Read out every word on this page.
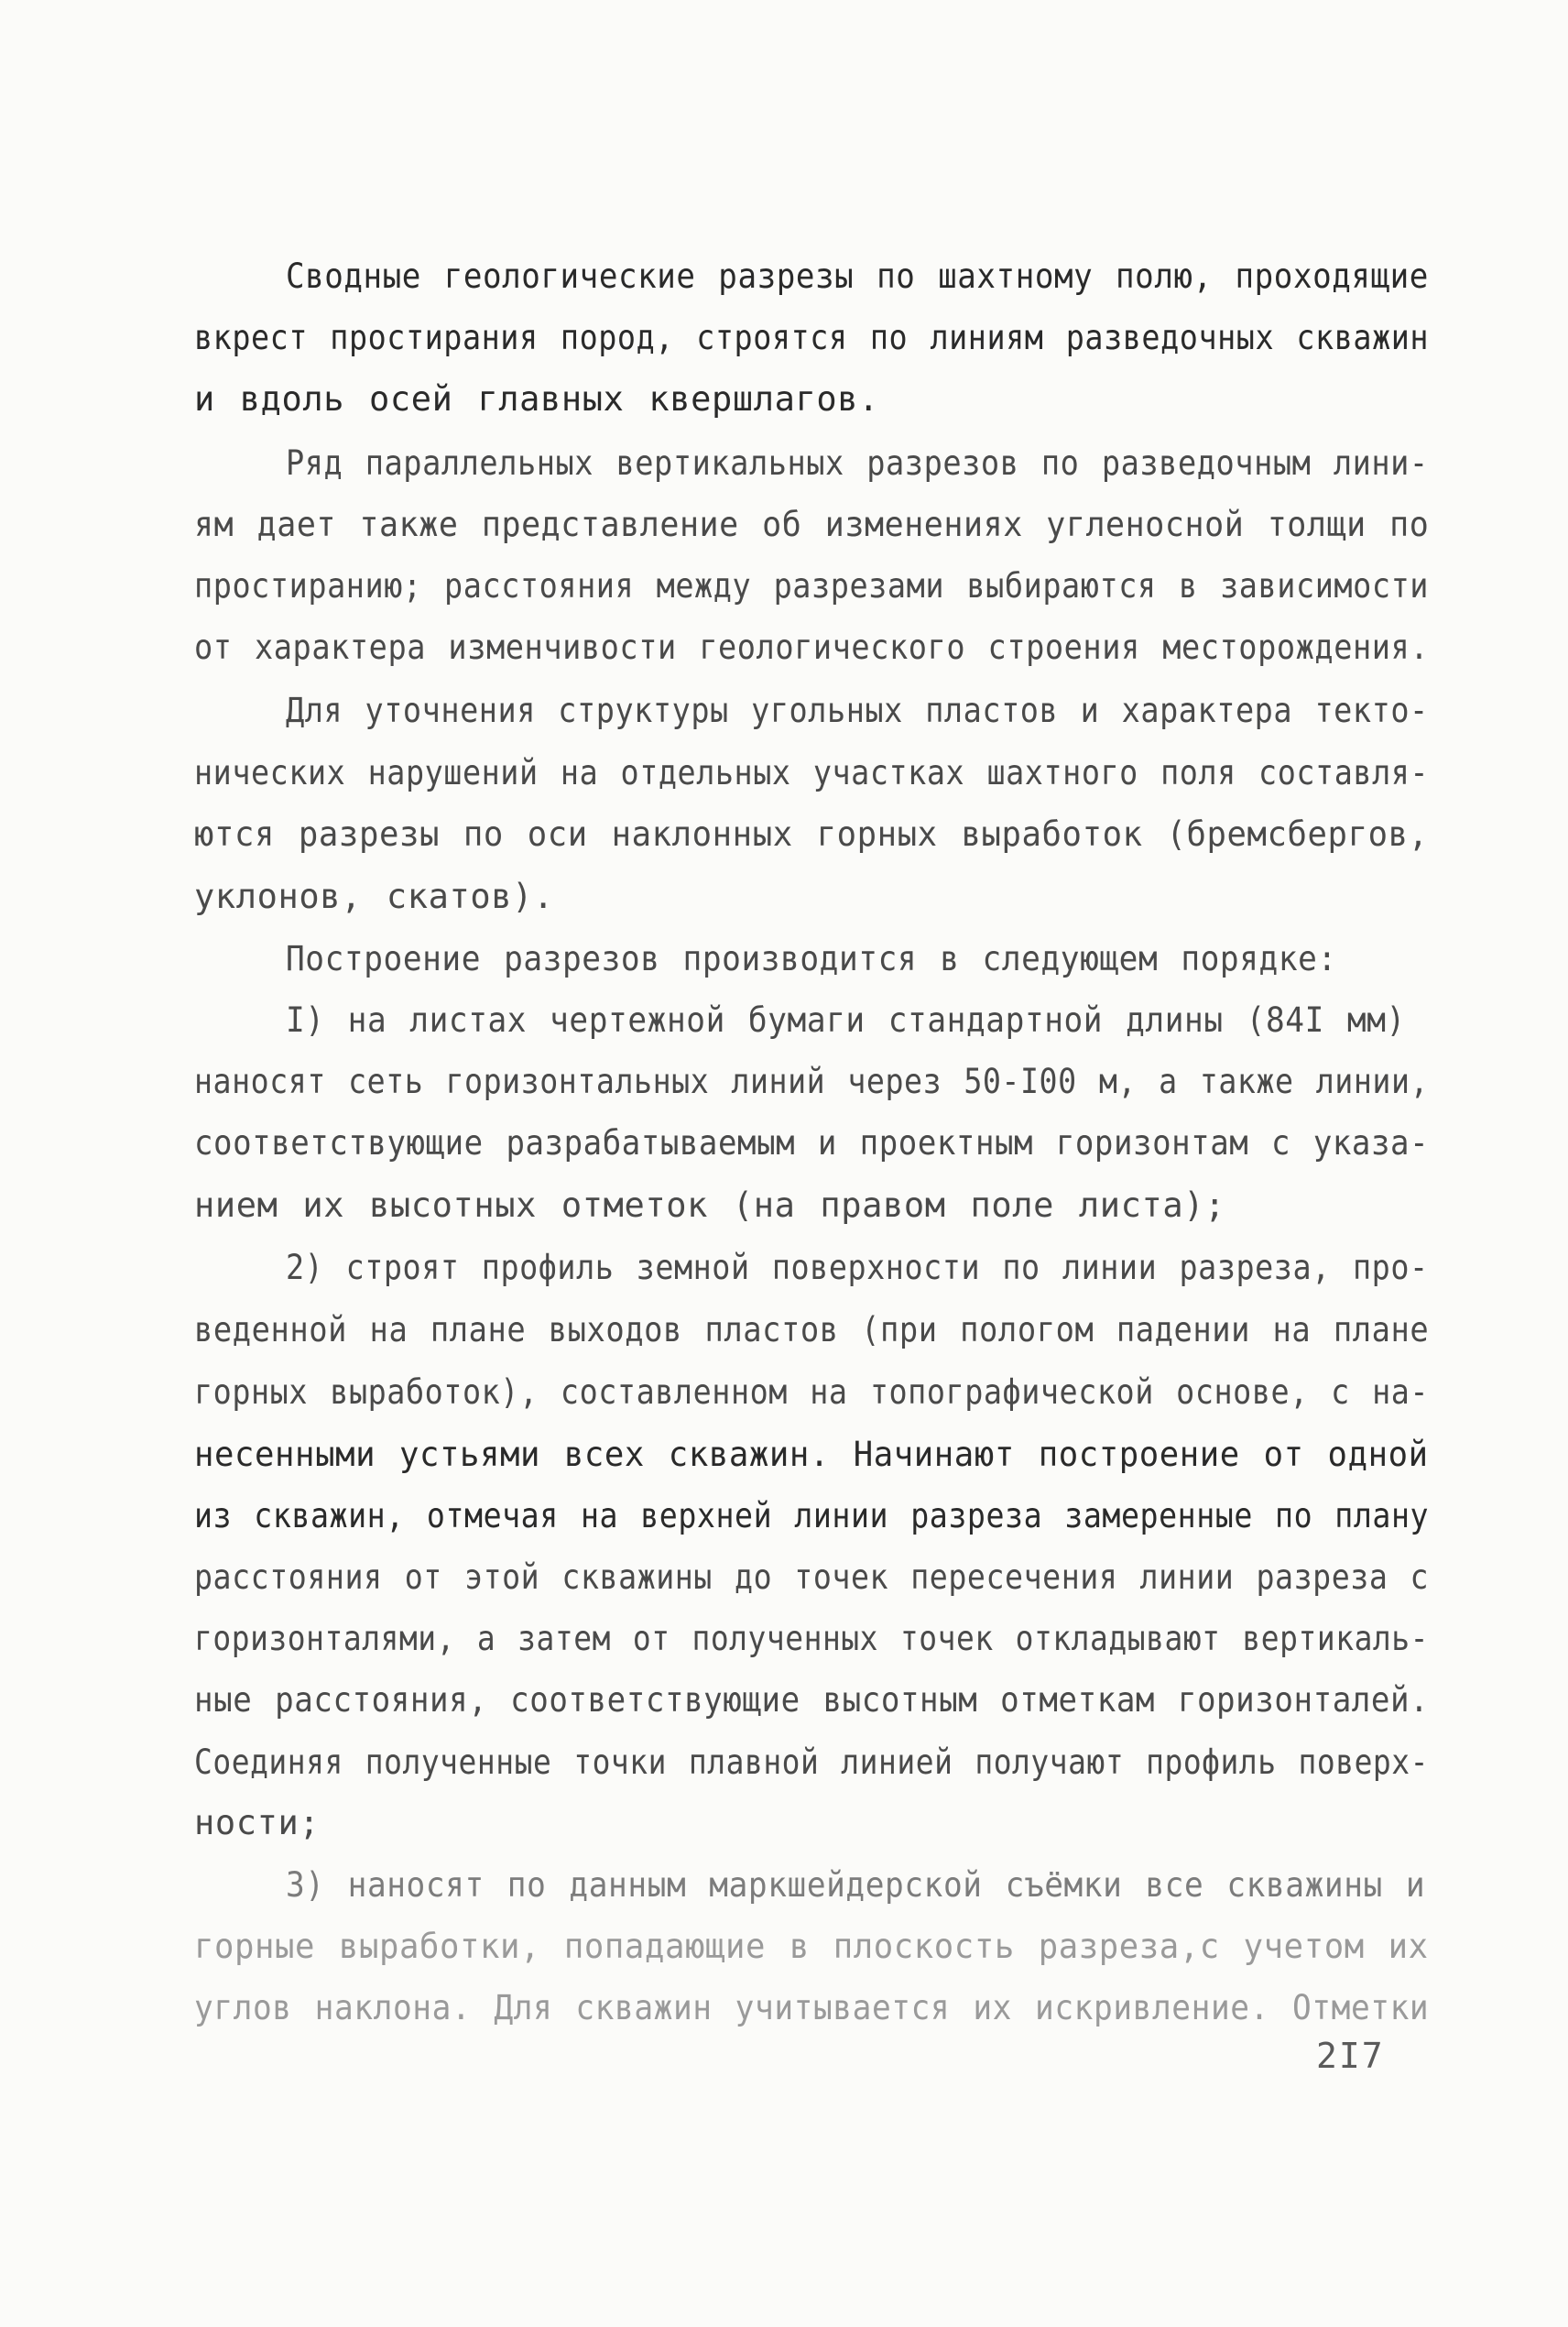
Сводные геологические разрезы по шахтному полю, проходящие
вкрест простирания пород, строятся по линиям разведочных скважин
и вдоль осей главных квершлагов.
Ряд параллельных вертикальных разрезов по разведочным лини-
ям дает также представление об изменениях угленосной толщи по
простиранию; расстояния между разрезами выбираются в зависимости
от характера изменчивости геологического строения месторождения.
Для уточнения структуры угольных пластов и характера текто-
нических нарушений на отдельных участках шахтного поля составля-
ются разрезы по оси наклонных горных выработок (бремсбергов,
уклонов, скатов).
Построение разрезов производится в следующем порядке:
I) на листах чертежной бумаги стандартной длины (84I мм)
наносят сеть горизонтальных линий через 50-I00 м, а также линии,
соответствующие разрабатываемым и проектным горизонтам с указа-
нием их высотных отметок (на правом поле листа);
2) строят профиль земной поверхности по линии разреза, про-
веденной на плане выходов пластов (при пологом падении на плане
горных выработок), составленном на топографической основе, с на-
несенными устьями всех скважин. Начинают построение от одной
из скважин, отмечая на верхней линии разреза замеренные по плану
расстояния от этой скважины до точек пересечения линии разреза с
горизонталями, а затем от полученных точек откладывают вертикаль-
ные расстояния, соответствующие высотным отметкам горизонталей.
Соединяя полученные точки плавной линией получают профиль поверх-
ности;
3) наносят по данным маркшейдерской съёмки все скважины и
горные выработки, попадающие в плоскость разреза,с учетом их
углов наклона. Для скважин учитывается их искривление. Отметки
2I7
